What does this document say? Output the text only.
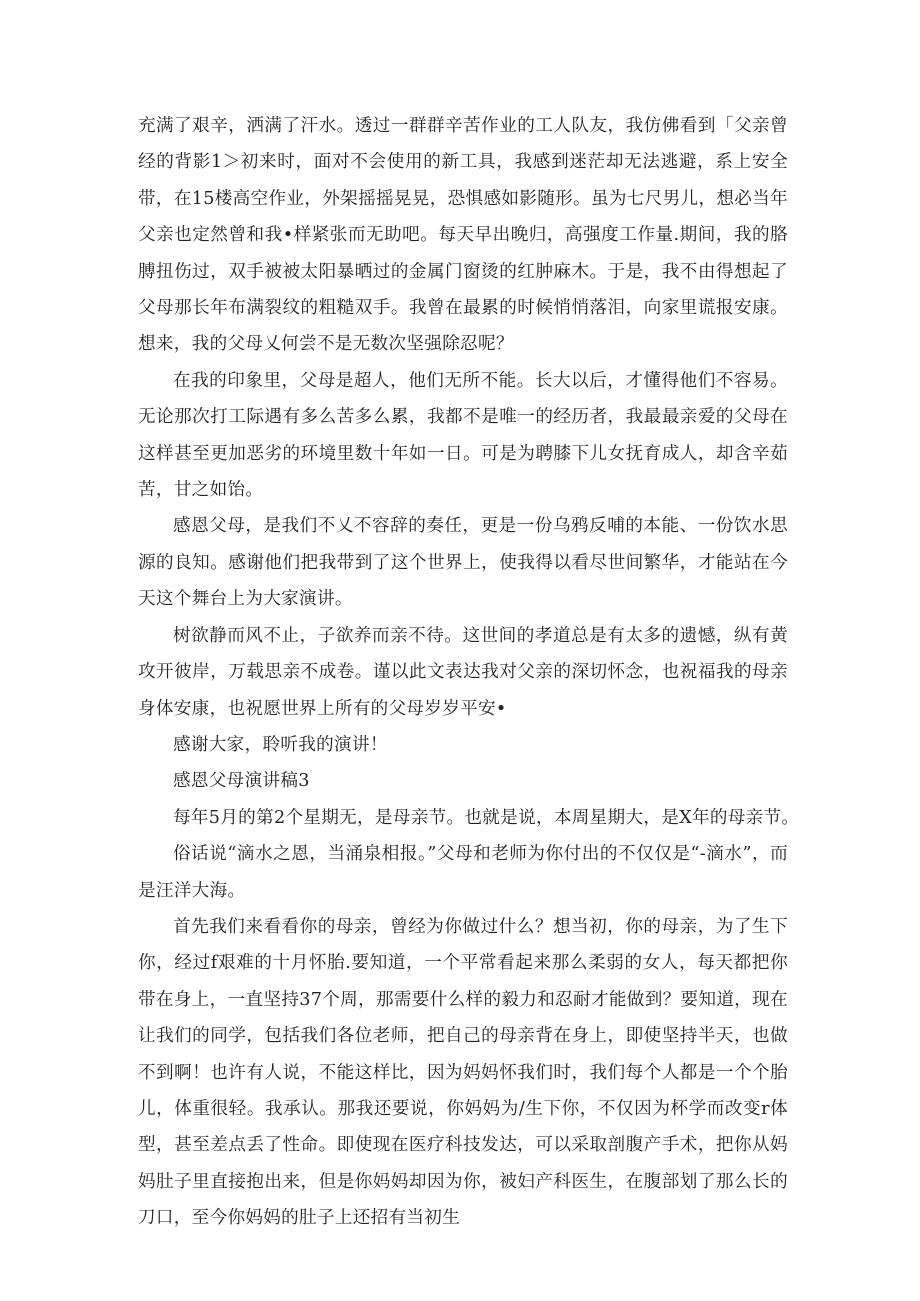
充满了艰辛，洒满了汗水。透过一群群辛苦作业的工人队友，我仿佛看到「父亲曾经的背影1＞初来时，面对不会使用的新工具，我感到迷茫却无法逃避，系上安全带，在15楼高空作业，外架摇摇晃晃，恐惧感如影随形。虽为七尺男儿，想必当年父亲也定然曾和我•样紧张而无助吧。每天早出晚归，高强度工作量.期间，我的胳膊扭伤过，双手被被太阳暴晒过的金属门窗烫的红肿麻木。于是，我不由得想起了父母那长年布满裂纹的粗糙双手。我曾在最累的时候悄悄落泪，向家里谎报安康。想来，我的父母乂何尝不是无数次坚强除忍呢？

在我的印象里，父母是超人，他们无所不能。长大以后，才懂得他们不容易。无论那次打工际遇有多么苦多么累，我都不是唯一的经历者，我最最亲爱的父母在这样甚至更加恶劣的环境里数十年如一日。可是为聘膝下儿女抚育成人，却含辛茹苦，甘之如饴。

感恩父母，是我们不乂不容辞的奏任，更是一份乌鸦反哺的本能、一份饮水思源的良知。感谢他们把我带到了这个世界上，使我得以看尽世间繁华，才能站在今天这个舞台上为大家演讲。

树欲静而风不止，子欲养而亲不待。这世间的孝道总是有太多的遗憾，纵有黄攻开彼岸，万载思亲不成卷。谨以此文表达我对父亲的深切怀念，也祝福我的母亲身体安康，也祝愿世界上所有的父母岁岁平安•

感谢大家，聆听我的演讲！

感恩父母演讲稿3

每年5月的第2个星期无，是母亲节。也就是说，本周星期大，是X年的母亲节。

俗话说“滴水之恩，当涌泉相报。”父母和老师为你付出的不仅仅是“-滴水”，而是汪洋大海。

首先我们来看看你的母亲，曾经为你做过什么？想当初，你的母亲，为了生下你，经过f艰难的十月怀胎.要知道，一个平常看起来那么柔弱的女人，每天都把你带在身上，一直坚持37个周，那需要什么样的毅力和忍耐才能做到？要知道，现在让我们的同学，包括我们各位老师，把自己的母亲背在身上，即使坚持半天，也做不到啊！也许有人说，不能这样比，因为妈妈怀我们时，我们每个人都是一个个胎儿，体重很轻。我承认。那我还要说，你妈妈为/生下你，不仅因为杯学而改变r体型，甚至差点丢了性命。即使现在医疗科技发达，可以采取剖腹产手术，把你从妈妈肚子里直接抱出来，但是你妈妈却因为你，被妇产科医生，在腹部划了那么长的刀口，至今你妈妈的肚子上还招有当初生
